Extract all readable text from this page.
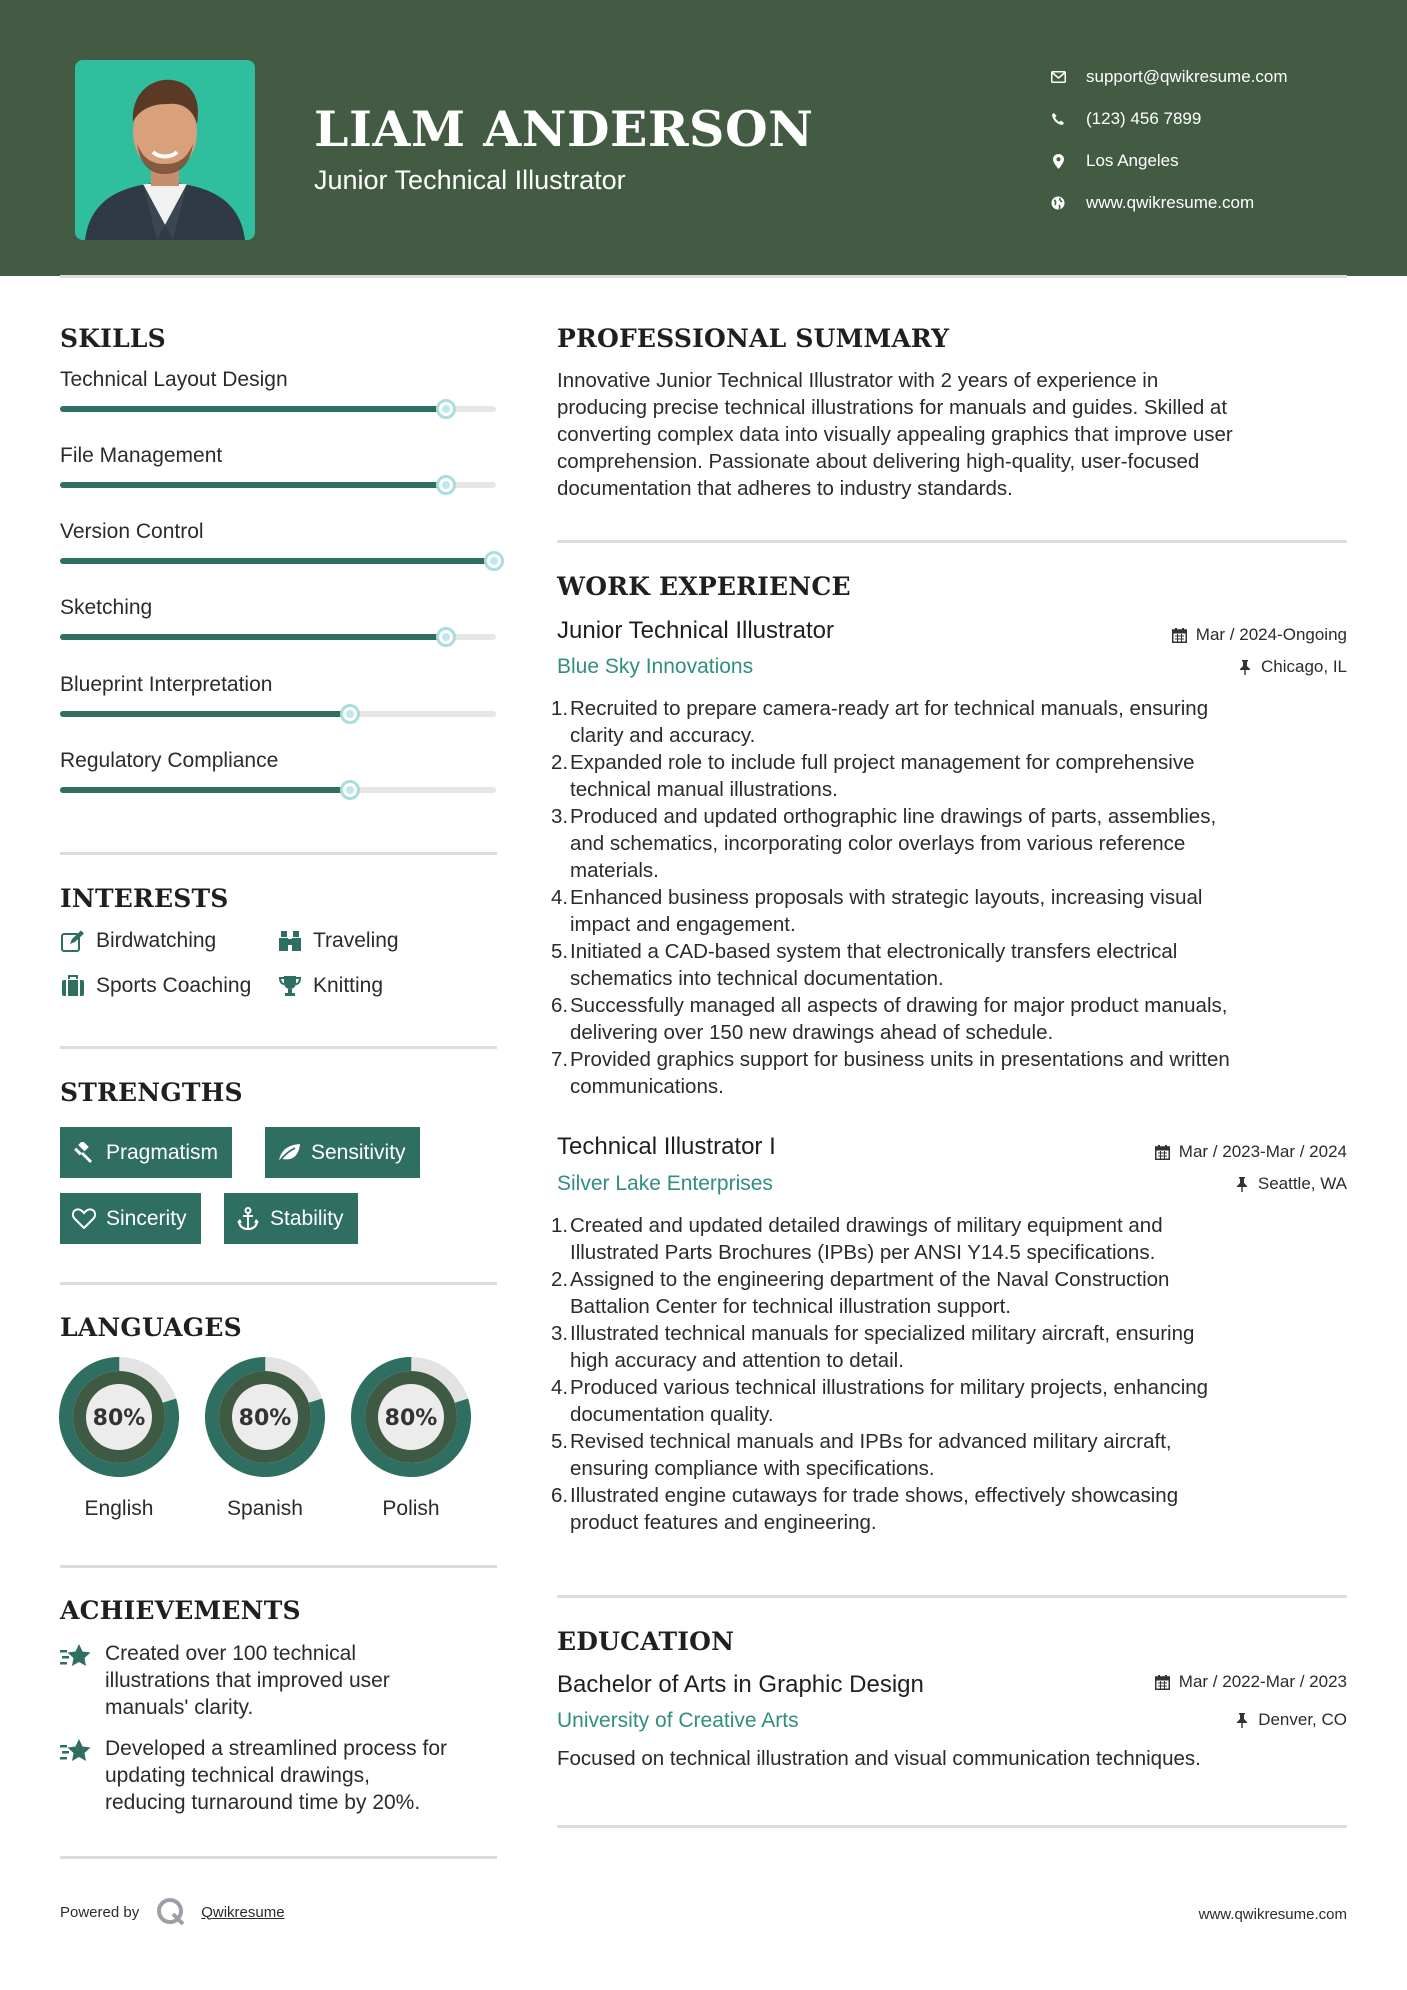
LIAM ANDERSON
Junior Technical Illustrator
support@qwikresume.com
(123) 456 7899
Los Angeles
www.qwikresume.com
SKILLS
Technical Layout Design
File Management
Version Control
Sketching
Blueprint Interpretation
Regulatory Compliance
INTERESTS
Birdwatching	Traveling
Sports Coaching	Knitting
STRENGTHS
Pragmatism	Sensitivity
Sincerity	Stability
LANGUAGES
80%
English
80%
Spanish
80%
Polish
ACHIEVEMENTS
Created over 100 technical
illustrations that improved user
manuals' clarity.
Developed a streamlined process for
updating technical drawings,
reducing turnaround time by 20%.
PROFESSIONAL SUMMARY
Innovative Junior Technical Illustrator with 2 years of experience in
producing precise technical illustrations for manuals and guides. Skilled at
converting complex data into visually appealing graphics that improve user
comprehension. Passionate about delivering high-quality, user-focused
documentation that adheres to industry standards.
WORK EXPERIENCE
Junior Technical Illustrator	Mar / 2024-Ongoing
Blue Sky Innovations	Chicago, IL
1. Recruited to prepare camera-ready art for technical manuals, ensuring
clarity and accuracy.
2. Expanded role to include full project management for comprehensive
technical manual illustrations.
3. Produced and updated orthographic line drawings of parts, assemblies,
and schematics, incorporating color overlays from various reference
materials.
4. Enhanced business proposals with strategic layouts, increasing visual
impact and engagement.
5. Initiated a CAD-based system that electronically transfers electrical
schematics into technical documentation.
6. Successfully managed all aspects of drawing for major product manuals,
delivering over 150 new drawings ahead of schedule.
7. Provided graphics support for business units in presentations and written
communications.
Technical Illustrator I	Mar / 2023-Mar / 2024
Silver Lake Enterprises	Seattle, WA
1. Created and updated detailed drawings of military equipment and
Illustrated Parts Brochures (IPBs) per ANSI Y14.5 specifications.
2. Assigned to the engineering department of the Naval Construction
Battalion Center for technical illustration support.
3. Illustrated technical manuals for specialized military aircraft, ensuring
high accuracy and attention to detail.
4. Produced various technical illustrations for military projects, enhancing
documentation quality.
5. Revised technical manuals and IPBs for advanced military aircraft,
ensuring compliance with specifications.
6. Illustrated engine cutaways for trade shows, effectively showcasing
product features and engineering.
EDUCATION
Bachelor of Arts in Graphic Design	Mar / 2022-Mar / 2023
University of Creative Arts	Denver, CO
Focused on technical illustration and visual communication techniques.
Powered by	Qwikresume	www.qwikresume.com
